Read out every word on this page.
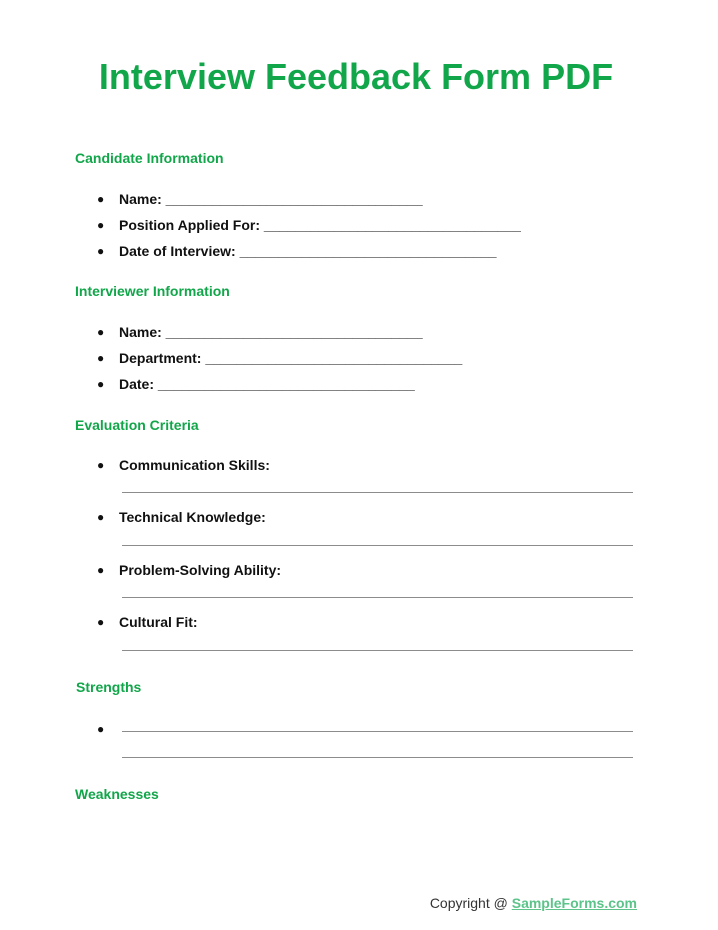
Interview Feedback Form PDF
Candidate Information
● Name: _________________________________
● Position Applied For: _________________________________
● Date of Interview: _________________________________
Interviewer Information
● Name: _________________________________
● Department: _________________________________
● Date: _________________________________
Evaluation Criteria
● Communication Skills:
● Technical Knowledge:
● Problem-Solving Ability:
● Cultural Fit:
Strengths
●
Weaknesses
Copyright @ SampleForms.com
